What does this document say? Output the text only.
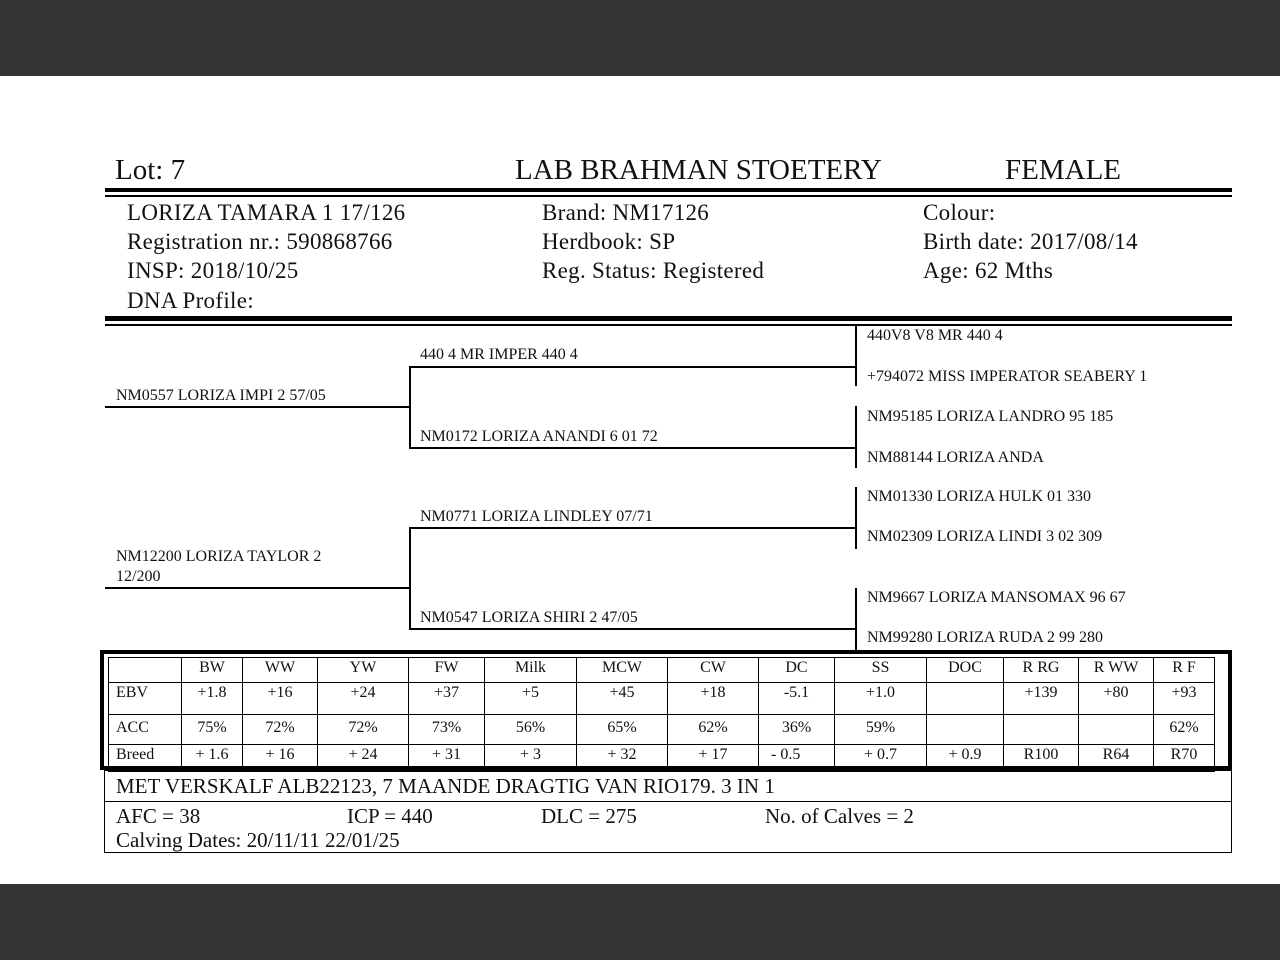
Lot: 7	LAB BRAHMAN STOETERY	FEMALE
LORIZA TAMARA 1 17/126
Registration nr.: 590868766
INSP: 2018/10/25
DNA Profile:
Brand: NM17126
Herdbook: SP
Reg. Status: Registered
Colour:
Birth date: 2017/08/14
Age: 62 Mths
NM0557 LORIZA IMPI 2 57/05
NM12200 LORIZA TAYLOR 2
12/200
440 4 MR IMPER 440 4
NM0172 LORIZA ANANDI 6 01 72
NM0771 LORIZA LINDLEY 07/71
NM0547 LORIZA SHIRI 2 47/05
440V8 V8 MR 440 4
+794072 MISS IMPERATOR SEABERY 1
NM95185 LORIZA LANDRO 95 185
NM88144 LORIZA ANDA
NM01330 LORIZA HULK 01 330
NM02309 LORIZA LINDI 3 02 309
NM9667 LORIZA MANSOMAX 96 67
NM99280 LORIZA RUDA 2 99 280
	BW	WW	YW	FW	Milk	MCW	CW	DC	SS	DOC	R RG	R WW	R F
EBV	+1.8	+16	+24	+37	+5	+45	+18	-5.1	+1.0		+139	+80	+93
ACC	75%	72%	72%	73%	56%	65%	62%	36%	59%				62%
Breed	+ 1.6	+ 16	+ 24	+ 31	+ 3	+ 32	+ 17	- 0.5	+ 0.7	+ 0.9	R100	R64	R70
MET VERSKALF ALB22123, 7 MAANDE DRAGTIG VAN RIO179. 3 IN 1
AFC = 38	ICP = 440	DLC = 275	No. of Calves = 2
Calving Dates: 20/11/11 22/01/25
